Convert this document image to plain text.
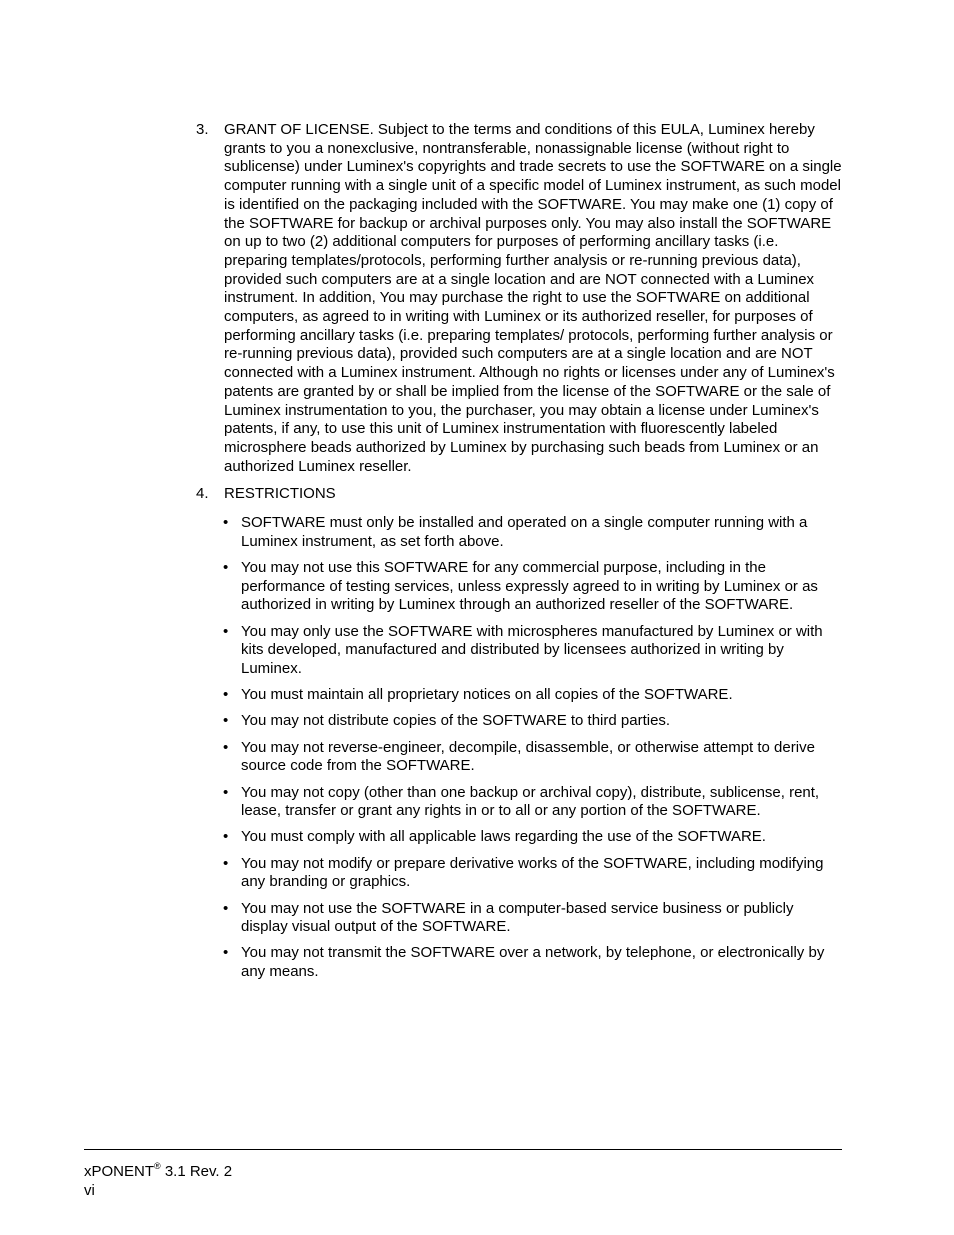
3. GRANT OF LICENSE. Subject to the terms and conditions of this EULA, Luminex hereby grants to you a nonexclusive, nontransferable, nonassignable license (without right to sublicense) under Luminex's copyrights and trade secrets to use the SOFTWARE on a single computer running with a single unit of a specific model of Luminex instrument, as such model is identified on the packaging included with the SOFTWARE. You may make one (1) copy of the SOFTWARE for backup or archival purposes only. You may also install the SOFTWARE on up to two (2) additional computers for purposes of performing ancillary tasks (i.e. preparing templates/protocols, performing further analysis or re-running previous data), provided such computers are at a single location and are NOT connected with a Luminex instrument. In addition, You may purchase the right to use the SOFTWARE on additional computers, as agreed to in writing with Luminex or its authorized reseller, for purposes of performing ancillary tasks (i.e. preparing templates/ protocols, performing further analysis or re-running previous data), provided such computers are at a single location and are NOT connected with a Luminex instrument. Although no rights or licenses under any of Luminex's patents are granted by or shall be implied from the license of the SOFTWARE or the sale of Luminex instrumentation to you, the purchaser, you may obtain a license under Luminex's patents, if any, to use this unit of Luminex instrumentation with fluorescently labeled microsphere beads authorized by Luminex by purchasing such beads from Luminex or an authorized Luminex reseller.
4. RESTRICTIONS
• SOFTWARE must only be installed and operated on a single computer running with a Luminex instrument, as set forth above.
• You may not use this SOFTWARE for any commercial purpose, including in the performance of testing services, unless expressly agreed to in writing by Luminex or as authorized in writing by Luminex through an authorized reseller of the SOFTWARE.
• You may only use the SOFTWARE with microspheres manufactured by Luminex or with kits developed, manufactured and distributed by licensees authorized in writing by Luminex.
• You must maintain all proprietary notices on all copies of the SOFTWARE.
• You may not distribute copies of the SOFTWARE to third parties.
• You may not reverse-engineer, decompile, disassemble, or otherwise attempt to derive source code from the SOFTWARE.
• You may not copy (other than one backup or archival copy), distribute, sublicense, rent, lease, transfer or grant any rights in or to all or any portion of the SOFTWARE.
• You must comply with all applicable laws regarding the use of the SOFTWARE.
• You may not modify or prepare derivative works of the SOFTWARE, including modifying any branding or graphics.
• You may not use the SOFTWARE in a computer-based service business or publicly display visual output of the SOFTWARE.
• You may not transmit the SOFTWARE over a network, by telephone, or electronically by any means.
xPONENT® 3.1 Rev. 2
vi
